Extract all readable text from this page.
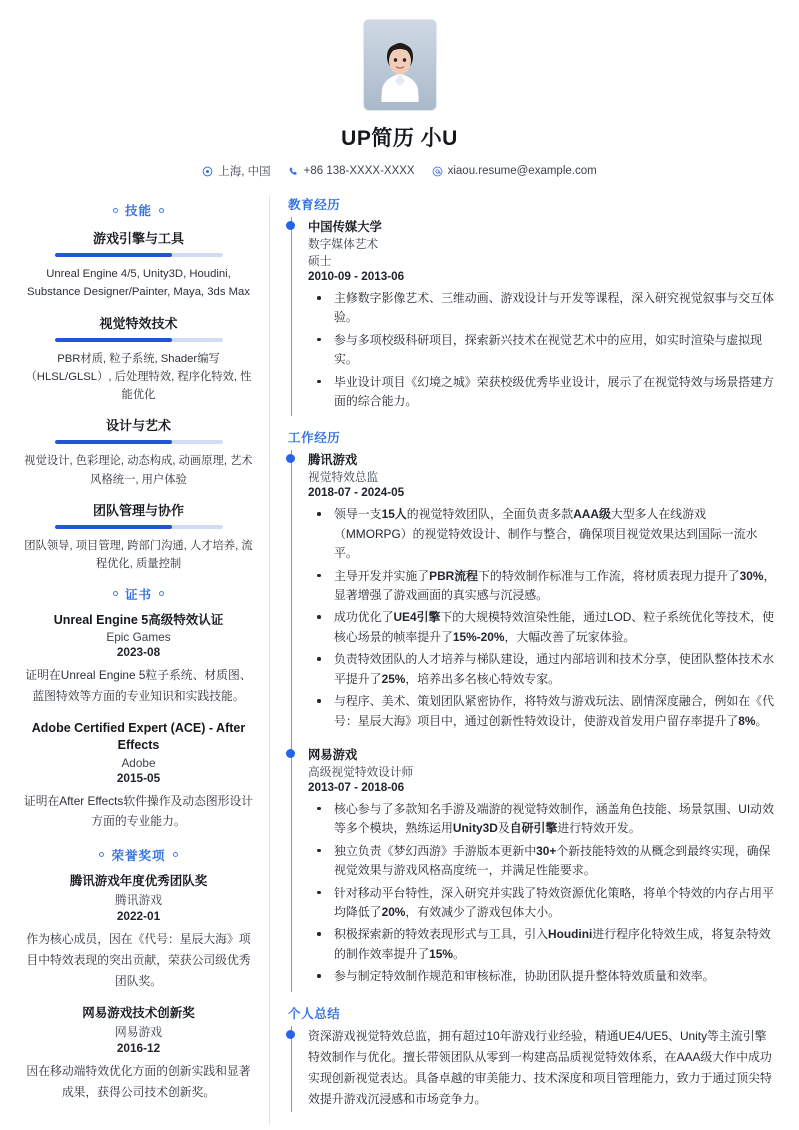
UP简历 小U
上海, 中国	+86 138-XXXX-XXXX	xiaou.resume@example.com
技能
游戏引擎与工具
Unreal Engine 4/5, Unity3D, Houdini, Substance Designer/Painter, Maya, 3ds Max
视觉特效技术
PBR材质, 粒子系统, Shader编写（HLSL/GLSL）, 后处理特效, 程序化特效, 性能优化
设计与艺术
视觉设计, 色彩理论, 动态构成, 动画原理, 艺术风格统一, 用户体验
团队管理与协作
团队领导, 项目管理, 跨部门沟通, 人才培养, 流程优化, 质量控制
证书
Unreal Engine 5高级特效认证
Epic Games
2023-08
证明在Unreal Engine 5粒子系统、材质图、蓝图特效等方面的专业知识和实践技能。
Adobe Certified Expert (ACE) - After Effects
Adobe
2015-05
证明在After Effects软件操作及动态图形设计方面的专业能力。
荣誉奖项
腾讯游戏年度优秀团队奖
腾讯游戏
2022-01
作为核心成员，因在《代号：星辰大海》项目中特效表现的突出贡献，荣获公司级优秀团队奖。
网易游戏技术创新奖
网易游戏
2016-12
因在移动端特效优化方面的创新实践和显著成果，获得公司技术创新奖。
教育经历
中国传媒大学
数字媒体艺术
硕士
2010-09 - 2013-06
主修数字影像艺术、三维动画、游戏设计与开发等课程，深入研究视觉叙事与交互体验。
参与多项校级科研项目，探索新兴技术在视觉艺术中的应用，如实时渲染与虚拟现实。
毕业设计项目《幻境之城》荣获校级优秀毕业设计，展示了在视觉特效与场景搭建方面的综合能力。
工作经历
腾讯游戏
视觉特效总监
2018-07 - 2024-05
领导一支15人的视觉特效团队，全面负责多款AAA级大型多人在线游戏（MMORPG）的视觉特效设计、制作与整合，确保项目视觉效果达到国际一流水平。
主导开发并实施了PBR流程下的特效制作标准与工作流，将材质表现力提升了30%，显著增强了游戏画面的真实感与沉浸感。
成功优化了UE4引擎下的大规模特效渲染性能，通过LOD、粒子系统优化等技术，使核心场景的帧率提升了15%-20%，大幅改善了玩家体验。
负责特效团队的人才培养与梯队建设，通过内部培训和技术分享，使团队整体技术水平提升了25%，培养出多名核心特效专家。
与程序、美术、策划团队紧密协作，将特效与游戏玩法、剧情深度融合，例如在《代号：星辰大海》项目中，通过创新性特效设计，使游戏首发用户留存率提升了8%。
网易游戏
高级视觉特效设计师
2013-07 - 2018-06
核心参与了多款知名手游及端游的视觉特效制作，涵盖角色技能、场景氛围、UI动效等多个模块，熟练运用Unity3D及自研引擎进行特效开发。
独立负责《梦幻西游》手游版本更新中30+个新技能特效的从概念到最终实现，确保视觉效果与游戏风格高度统一，并满足性能要求。
针对移动平台特性，深入研究并实践了特效资源优化策略，将单个特效的内存占用平均降低了20%，有效减少了游戏包体大小。
积极探索新的特效表现形式与工具，引入Houdini进行程序化特效生成，将复杂特效的制作效率提升了15%。
参与制定特效制作规范和审核标准，协助团队提升整体特效质量和效率。
个人总结
资深游戏视觉特效总监，拥有超过10年游戏行业经验，精通UE4/UE5、Unity等主流引擎特效制作与优化。擅长带领团队从零到一构建高品质视觉特效体系，在AAA级大作中成功实现创新视觉表达。具备卓越的审美能力、技术深度和项目管理能力，致力于通过顶尖特效提升游戏沉浸感和市场竞争力。
